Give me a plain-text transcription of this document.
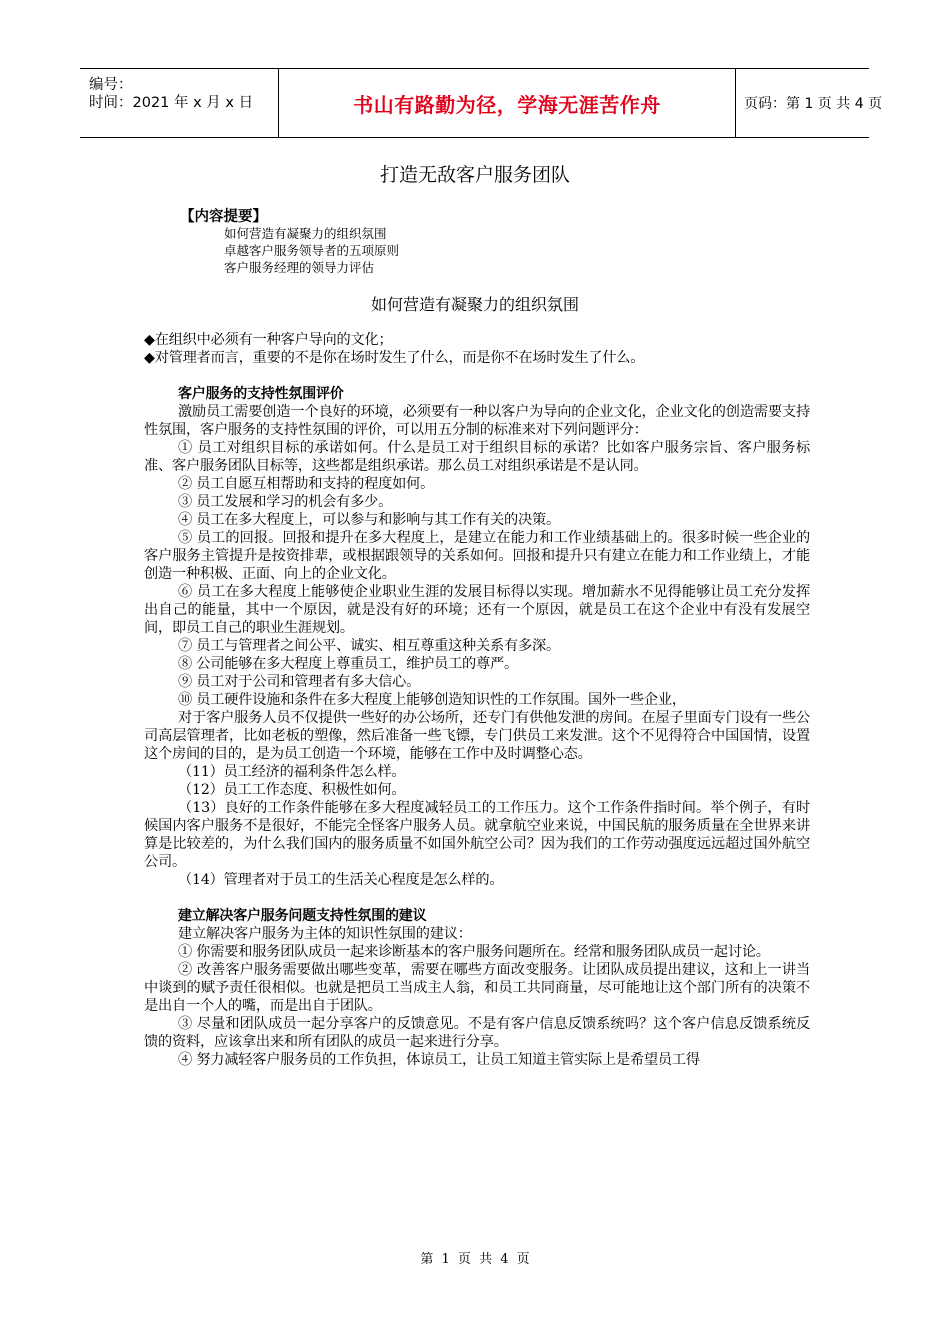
编号：
时间：2021 年 x 月 x 日	书山有路勤为径，学海无涯苦作舟	页码：第 1 页 共 4 页
打造无敌客户服务团队
【内容提要】
如何营造有凝聚力的组织氛围
卓越客户服务领导者的五项原则
客户服务经理的领导力评估
如何营造有凝聚力的组织氛围

◆在组织中必须有一种客户导向的文化；

◆对管理者而言，重要的不是你在场时发生了什么，而是你不在场时发生了什么。

客户服务的支持性氛围评价

激励员工需要创造一个良好的环境，必须要有一种以客户为导向的企业文化，企业文化的创造需要支持性氛围，客户服务的支持性氛围的评价，可以用五分制的标准来对下列问题评分：

① 员工对组织目标的承诺如何。什么是员工对于组织目标的承诺？比如客户服务宗旨、客户服务标准、客户服务团队目标等，这些都是组织承诺。那么员工对组织承诺是不是认同。

② 员工自愿互相帮助和支持的程度如何。

③ 员工发展和学习的机会有多少。

④ 员工在多大程度上，可以参与和影响与其工作有关的决策。

⑤ 员工的回报。回报和提升在多大程度上，是建立在能力和工作业绩基础上的。很多时候一些企业的客户服务主管提升是按资排辈，或根据跟领导的关系如何。回报和提升只有建立在能力和工作业绩上，才能创造一种积极、正面、向上的企业文化。

⑥ 员工在多大程度上能够使企业职业生涯的发展目标得以实现。增加薪水不见得能够让员工充分发挥出自己的能量，其中一个原因，就是没有好的环境；还有一个原因，就是员工在这个企业中有没有发展空间，即员工自己的职业生涯规划。

⑦ 员工与管理者之间公平、诚实、相互尊重这种关系有多深。

⑧ 公司能够在多大程度上尊重员工，维护员工的尊严。

⑨ 员工对于公司和管理者有多大信心。

⑩ 员工硬件设施和条件在多大程度上能够创造知识性的工作氛围。国外一些企业，

对于客户服务人员不仅提供一些好的办公场所，还专门有供他发泄的房间。在屋子里面专门设有一些公司高层管理者，比如老板的塑像，然后准备一些飞镖，专门供员工来发泄。这个不见得符合中国国情，设置这个房间的目的，是为员工创造一个环境，能够在工作中及时调整心态。

（11）员工经济的福利条件怎么样。

（12）员工工作态度、积极性如何。

（13）良好的工作条件能够在多大程度减轻员工的工作压力。这个工作条件指时间。举个例子，有时候国内客户服务不是很好，不能完全怪客户服务人员。就拿航空业来说，中国民航的服务质量在全世界来讲算是比较差的，为什么我们国内的服务质量不如国外航空公司？因为我们的工作劳动强度远远超过国外航空公司。

（14）管理者对于员工的生活关心程度是怎么样的。

建立解决客户服务问题支持性氛围的建议

建立解决客户服务为主体的知识性氛围的建议：

① 你需要和服务团队成员一起来诊断基本的客户服务问题所在。经常和服务团队成员一起讨论。

② 改善客户服务需要做出哪些变革，需要在哪些方面改变服务。让团队成员提出建议，这和上一讲当中谈到的赋予责任很相似。也就是把员工当成主人翁，和员工共同商量，尽可能地让这个部门所有的决策不是出自一个人的嘴，而是出自于团队。

③ 尽量和团队成员一起分享客户的反馈意见。不是有客户信息反馈系统吗？这个客户信息反馈系统反馈的资料，应该拿出来和所有团队的成员一起来进行分享。

④ 努力减轻客户服务员的工作负担，体谅员工，让员工知道主管实际上是希望员工得

第 1 页 共 4 页
